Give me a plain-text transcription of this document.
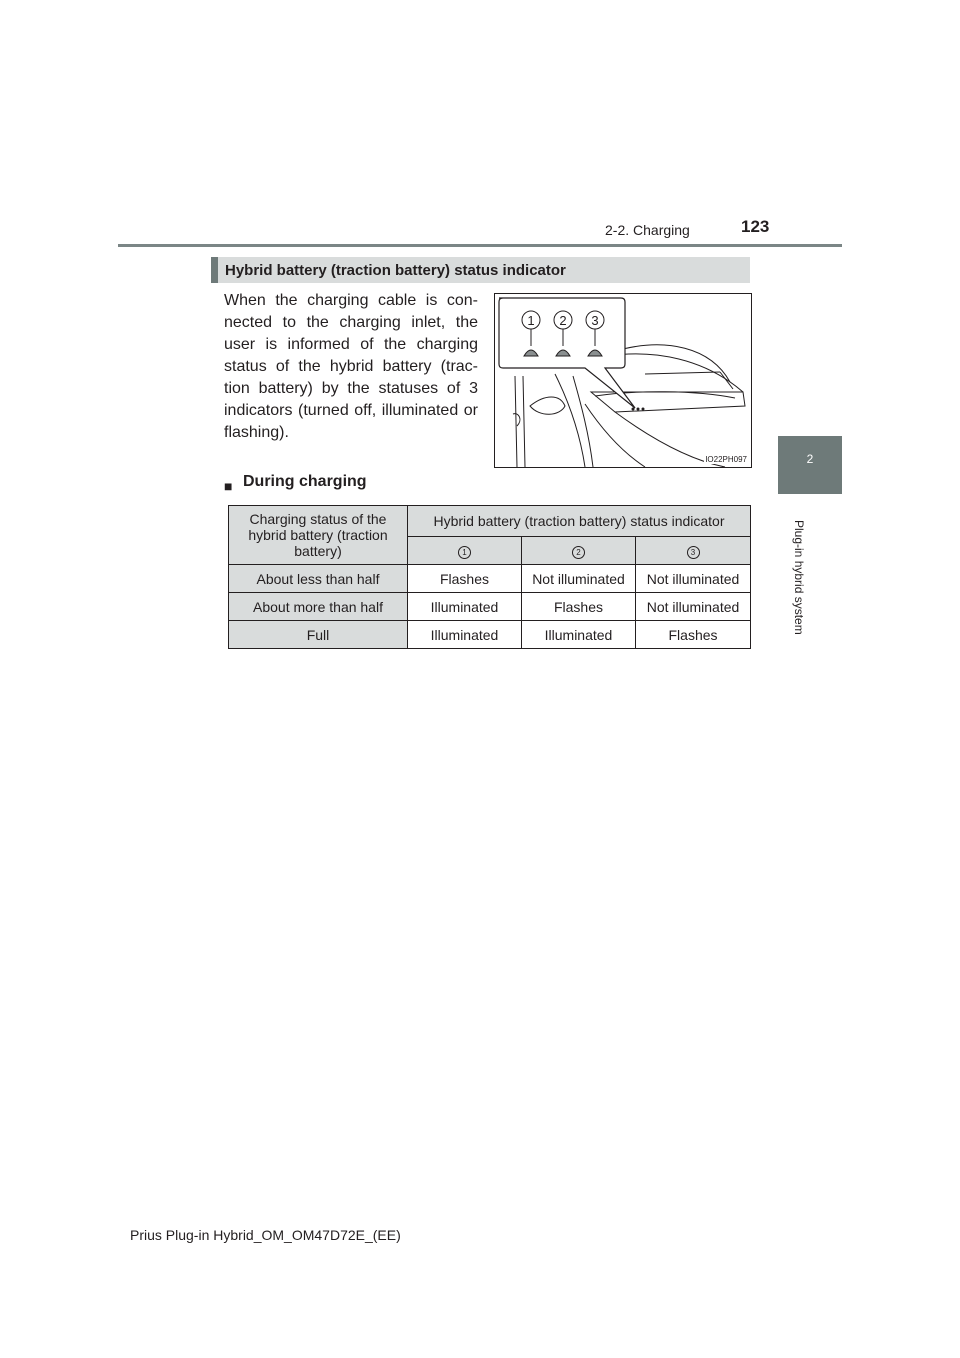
2-2. Charging	123
2
Plug-in hybrid system
Hybrid battery (traction battery) status indicator
When the charging cable is con-nected to the charging inlet, the user is informed of the charging status of the hybrid battery (trac-tion battery) by the statuses of 3 indicators (turned off, illuminated or flashing).
1 2 3
IO22PH097
■ During charging
Charging status of the hybrid battery (traction battery)	Hybrid battery (traction battery) status indicator		
	1	2	3
About less than half	Flashes	Not illuminated	Not illuminated
About more than half	Illuminated	Flashes	Not illuminated
Full	Illuminated	Illuminated	Flashes
Prius Plug-in Hybrid_OM_OM47D72E_(EE)
